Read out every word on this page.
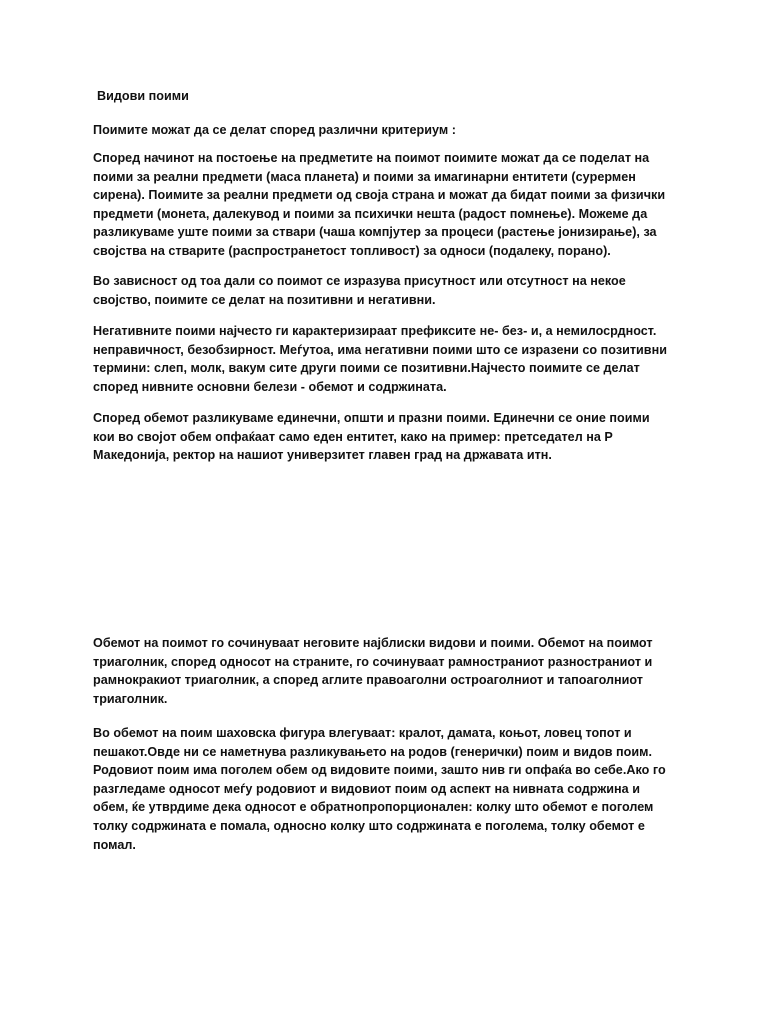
Видови поими

Поимите можат да се делат според различни критериум :

Според начинот на постоење на предметите на поимот поимите можат да се поделат на поими за реални предмети (маса планета) и поими за имагинарни ентитети (сyрермен сирена). Поимите за реални предмети од своја страна и можат да бидат поими за физички предмети (монета, далекувод и поими за психички нешта (радост помнење). Можеме да разликуваме уште поими за ствари (чаша компјутер за процеси (растење јонизирање), за својства на стварите (распространетост топливост) за односи (подалеку, порано).

Во зависност од тоа дали со поимот се изразува присутност или отсутност на некое својство, поимите се делат на позитивни и негативни.

Негативните поими најчесто ги карактеризираат префиксите не- без- и, а немилосрдност. неправичност, безобзирност. Меѓутоа, има негативни поими што се изразени со позитивни термини: слеп, молк, вакум сите други поими се позитивни.Најчесто поимите се делат според нивните основни белези - обемот и содржината.

Според обемот разликуваме единечни, општи и празни поими. Единечни се оние поими кои во својот обем опфаќаат само еден ентитет, како на пример: претседател на Р Македонија, ректор на нашиот универзитет главен град на државата итн.

Обемот на поимот го сочинуваат неговите најблиски видови и поими. Обемот на поимот триаголник, според односот на страните, го сочинуваат рамностраниот разностраниот и рамнокракиот триаголник, а според аглите правоаголни остроаголниот и тапоаголниот триаголник.

Во обемот на поим шаховска фигура влегуваат: кралот, дамата, коњот, ловец топот и пешакот.Овде ни се наметнува разликувањето на родов (генерички) поим и видов поим. Родовиот поим има поголем обем од видовите поими, зашто нив ги опфаќа во себе.Ако го разгледаме односот меѓу родовиот и видовиот поим од аспект на нивната содржина и обем, ќе утврдиме дека односот е обратнопропорционален: колку што обемот е поголем толку содржината е помала, односно колку што содржината е поголема, толку обемот е помал.
